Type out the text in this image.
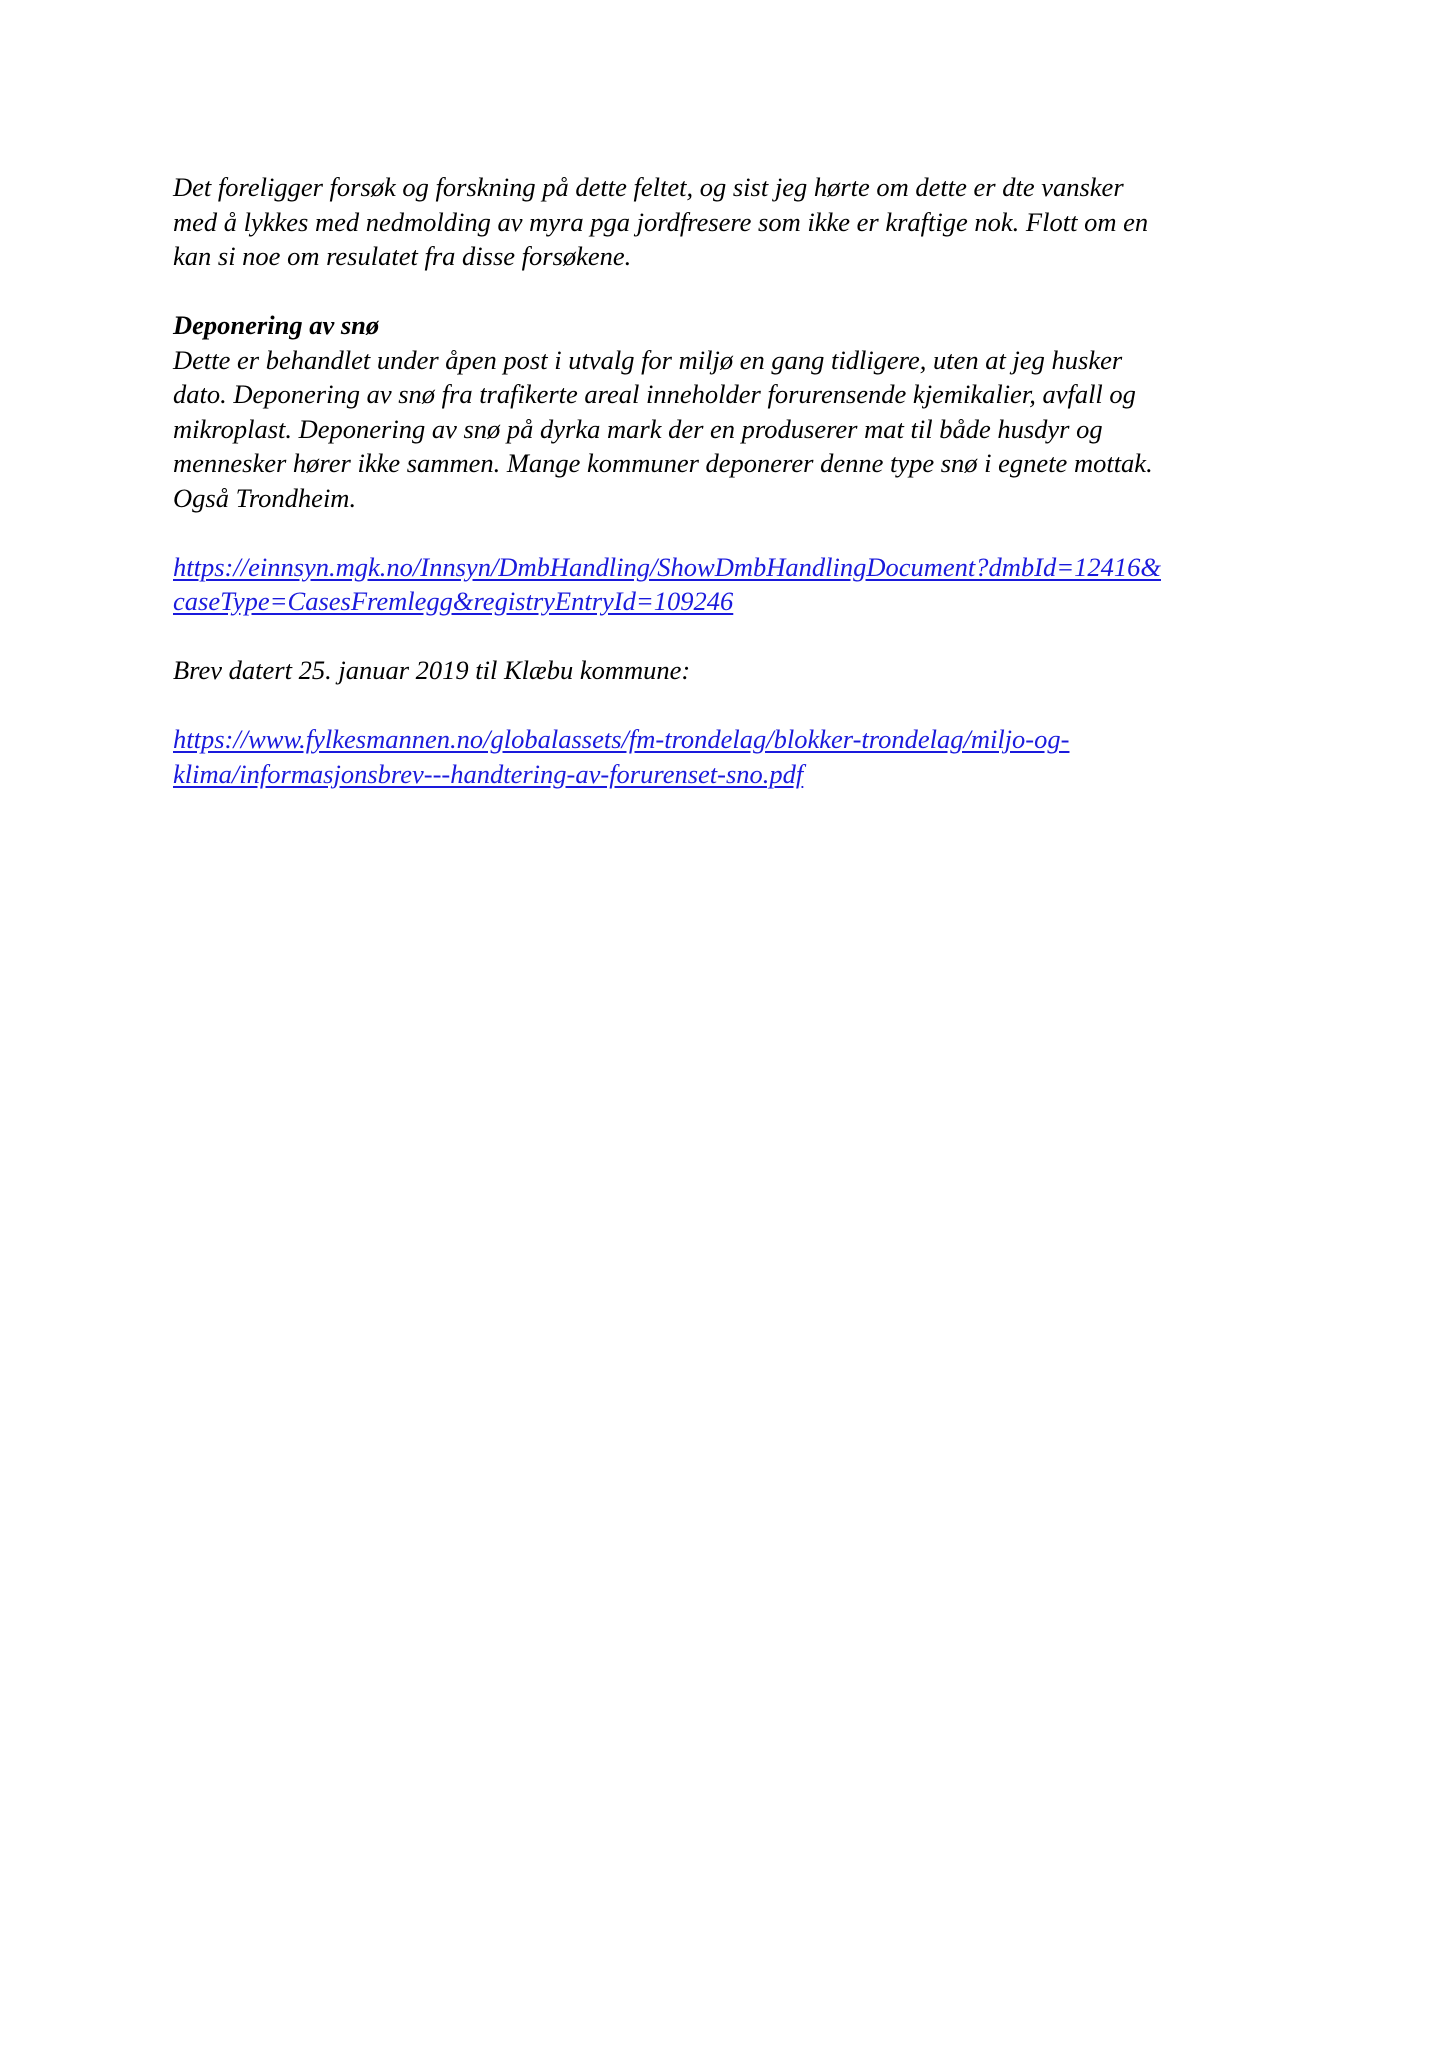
Det foreligger forsøk og forskning på dette feltet, og sist jeg hørte om dette er dte vansker
med å lykkes med nedmolding av myra pga jordfresere som ikke er kraftige nok. Flott om en
kan si noe om resulatet fra disse forsøkene.

Deponering av snø
Dette er behandlet under åpen post i utvalg for miljø en gang tidligere, uten at jeg husker
dato. Deponering av snø fra trafikerte areal inneholder forurensende kjemikalier, avfall og
mikroplast. Deponering av snø på dyrka mark der en produserer mat til både husdyr og
mennesker hører ikke sammen. Mange kommuner deponerer denne type snø i egnete mottak.
Også Trondheim.

https://einnsyn.mgk.no/Innsyn/DmbHandling/ShowDmbHandlingDocument?dmbId=12416&
caseType=CasesFremlegg&registryEntryId=109246

Brev datert 25. januar 2019 til Klæbu kommune:

https://www.fylkesmannen.no/globalassets/fm-trondelag/blokker-trondelag/miljo-og-
klima/informasjonsbrev---handtering-av-forurenset-sno.pdf
